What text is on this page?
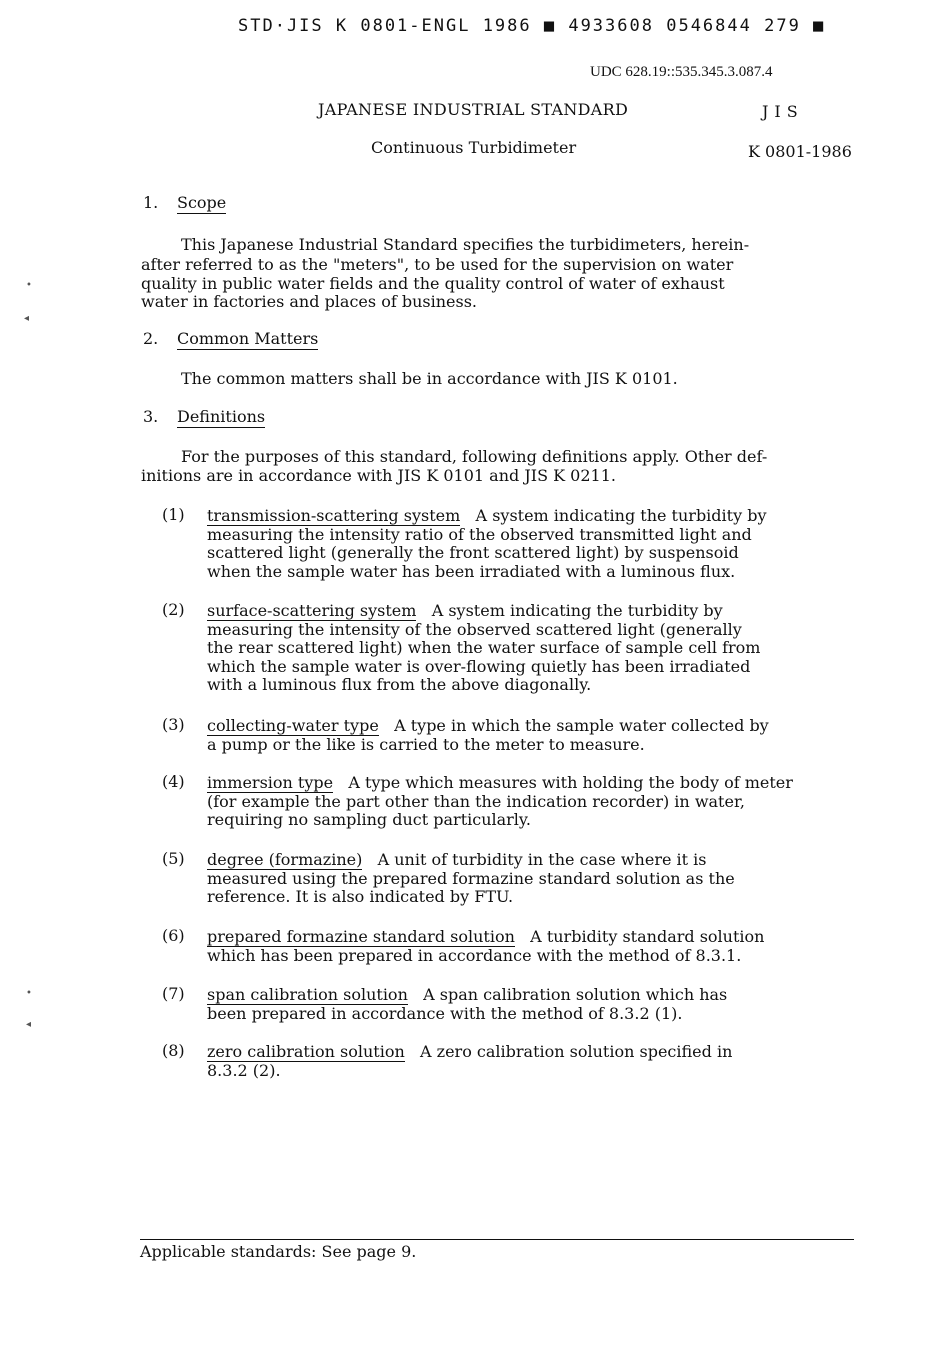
STD·JIS K 0801-ENGL 1986 ■ 4933608 0546844 279 ■
UDC 628.19::535.345.3.087.4
JAPANESE INDUSTRIAL STANDARD	JIS
Continuous Turbidimeter	K 0801-1986
1. Scope
This Japanese Industrial Standard specifies the turbidimeters, herein-
after referred to as the "meters", to be used for the supervision on water
quality in public water fields and the quality control of water of exhaust
water in factories and places of business.
2. Common Matters
The common matters shall be in accordance with JIS K 0101.
3. Definitions
For the purposes of this standard, following definitions apply. Other def-
initions are in accordance with JIS K 0101 and JIS K 0211.
(1) transmission-scattering system A system indicating the turbidity by
measuring the intensity ratio of the observed transmitted light and
scattered light (generally the front scattered light) by suspensoid
when the sample water has been irradiated with a luminous flux.
(2) surface-scattering system A system indicating the turbidity by
measuring the intensity of the observed scattered light (generally
the rear scattered light) when the water surface of sample cell from
which the sample water is over-flowing quietly has been irradiated
with a luminous flux from the above diagonally.
(3) collecting-water type A type in which the sample water collected by
a pump or the like is carried to the meter to measure.
(4) immersion type A type which measures with holding the body of meter
(for example the part other than the indication recorder) in water,
requiring no sampling duct particularly.
(5) degree (formazine) A unit of turbidity in the case where it is
measured using the prepared formazine standard solution as the
reference. It is also indicated by FTU.
(6) prepared formazine standard solution A turbidity standard solution
which has been prepared in accordance with the method of 8.3.1.
(7) span calibration solution A span calibration solution which has
been prepared in accordance with the method of 8.3.2 (1).
(8) zero calibration solution A zero calibration solution specified in
8.3.2 (2).
Applicable standards: See page 9.
•
◂
•
◂
